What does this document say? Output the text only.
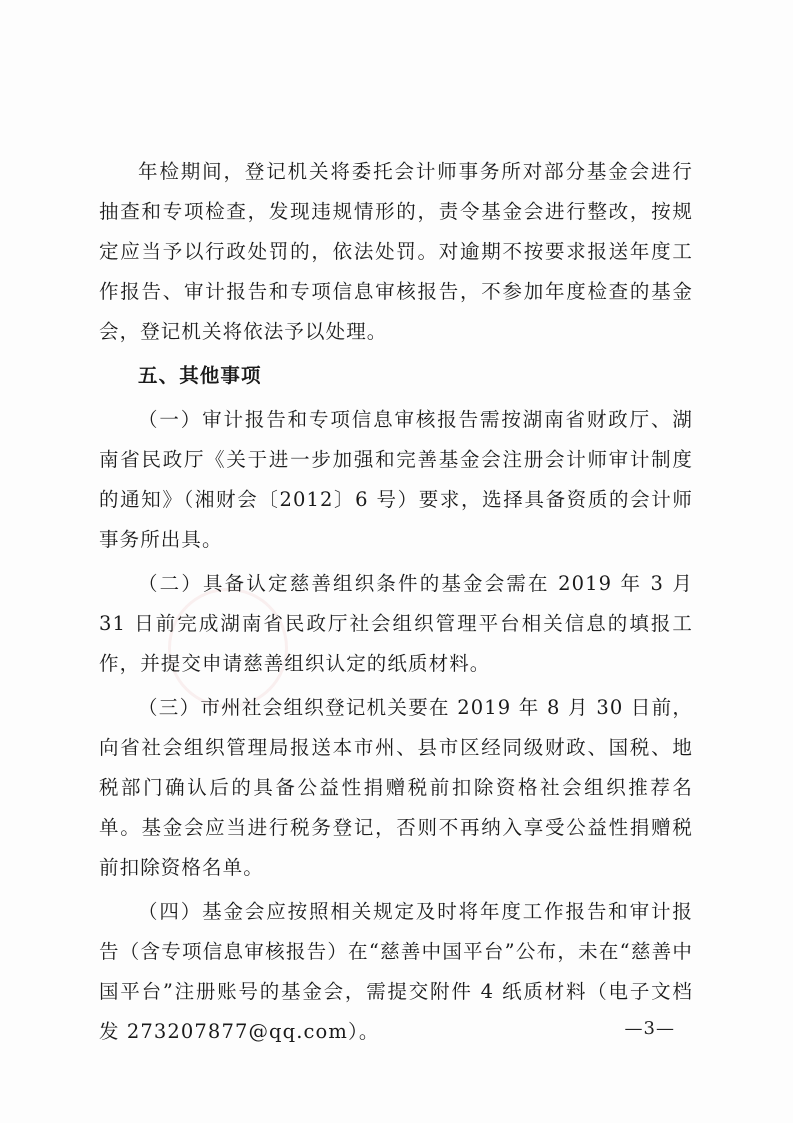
年检期间，登记机关将委托会计师事务所对部分基金会进行抽查和专项检查，发现违规情形的，责令基金会进行整改，按规定应当予以行政处罚的，依法处罚。对逾期不按要求报送年度工作报告、审计报告和专项信息审核报告，不参加年度检查的基金会，登记机关将依法予以处理。

五、其他事项

（一）审计报告和专项信息审核报告需按湖南省财政厅、湖南省民政厅《关于进一步加强和完善基金会注册会计师审计制度的通知》（湘财会〔2012〕6 号）要求，选择具备资质的会计师事务所出具。

（二）具备认定慈善组织条件的基金会需在 2019 年 3 月 31 日前完成湖南省民政厅社会组织管理平台相关信息的填报工作，并提交申请慈善组织认定的纸质材料。

（三）市州社会组织登记机关要在 2019 年 8 月 30 日前，向省社会组织管理局报送本市州、县市区经同级财政、国税、地税部门确认后的具备公益性捐赠税前扣除资格社会组织推荐名单。基金会应当进行税务登记，否则不再纳入享受公益性捐赠税前扣除资格名单。

（四）基金会应按照相关规定及时将年度工作报告和审计报告（含专项信息审核报告）在“慈善中国平台”公布，未在“慈善中国平台”注册账号的基金会，需提交附件 4 纸质材料（电子文档发 273207877@qq.com）。	—3—
